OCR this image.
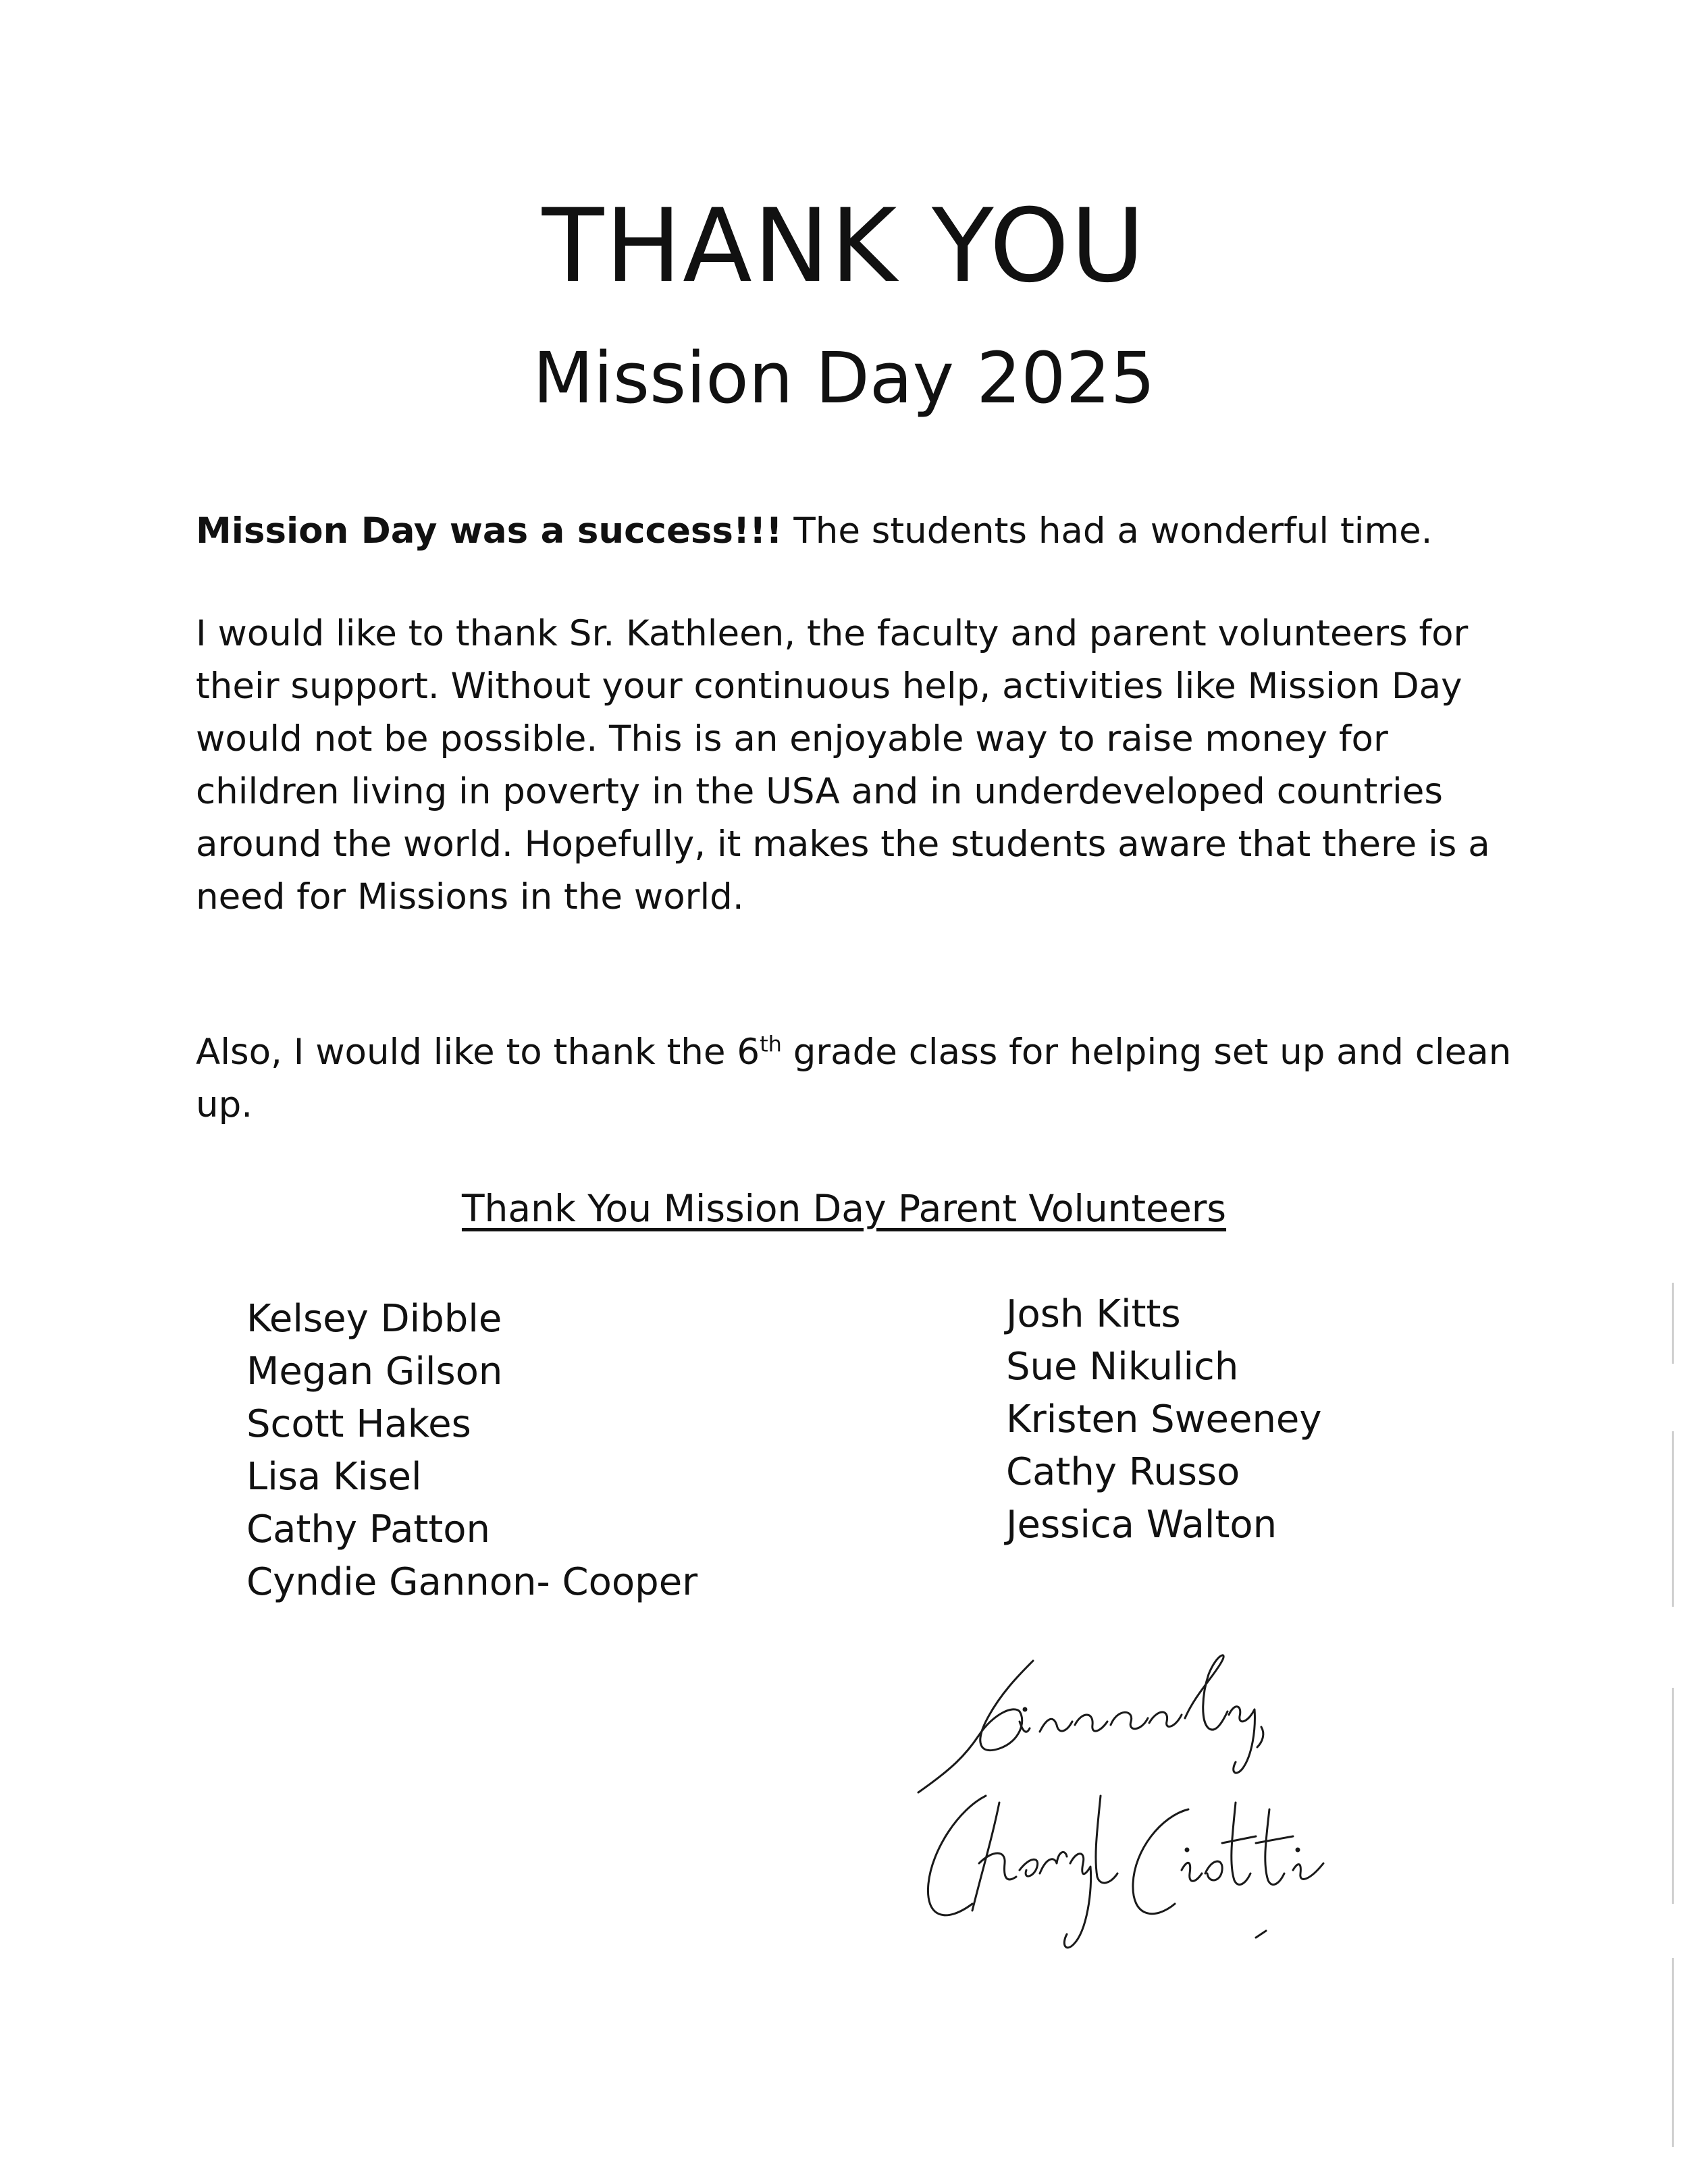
THANK YOU
Mission Day 2025

Mission Day was a success!!! The students had a wonderful time.

I would like to thank Sr. Kathleen, the faculty and parent volunteers for their support. Without your continuous help, activities like Mission Day would not be possible. This is an enjoyable way to raise money for children living in poverty in the USA and in underdeveloped countries around the world. Hopefully, it makes the students aware that there is a need for Missions in the world.

Also, I would like to thank the 6th grade class for helping set up and clean up.

Thank You Mission Day Parent Volunteers
Kelsey Dibble
Megan Gilson
Scott Hakes
Lisa Kisel
Cathy Patton
Cyndie Gannon- Cooper
Josh Kitts
Sue Nikulich
Kristen Sweeney
Cathy Russo
Jessica Walton
